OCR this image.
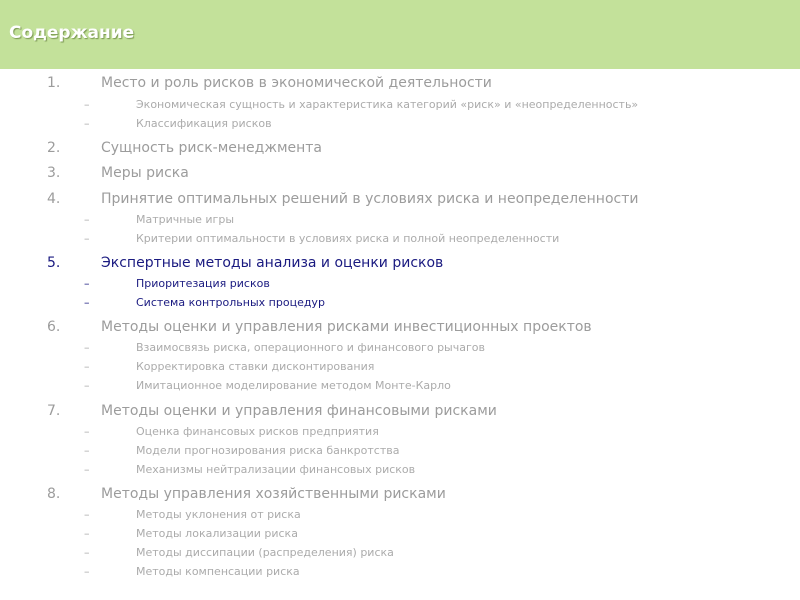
Содержание
1.	Место и роль рисков в экономической деятельности
–	Экономическая сущность и характеристика категорий «риск» и «неопределенность»
–	Классификация рисков
2.	Сущность риск-менеджмента
3.	Меры риска
4.	Принятие оптимальных решений в условиях риска и неопределенности
–	Матричные игры
–	Критерии оптимальности в условиях риска и полной неопределенности
5.	Экспертные методы анализа и оценки рисков
–	Приоритезация рисков
–	Система контрольных процедур
6.	Методы оценки и управления рисками инвестиционных проектов
–	Взаимосвязь риска, операционного и финансового рычагов
–	Корректировка ставки дисконтирования
–	Имитационное моделирование методом Монте-Карло
7.	Методы оценки и управления финансовыми рисками
–	Оценка финансовых рисков предприятия
–	Модели прогнозирования риска банкротства
–	Механизмы нейтрализации финансовых рисков
8.	Методы управления хозяйственными рисками
–	Методы уклонения от риска
–	Методы локализации риска
–	Методы диссипации (распределения) риска
–	Методы компенсации риска
